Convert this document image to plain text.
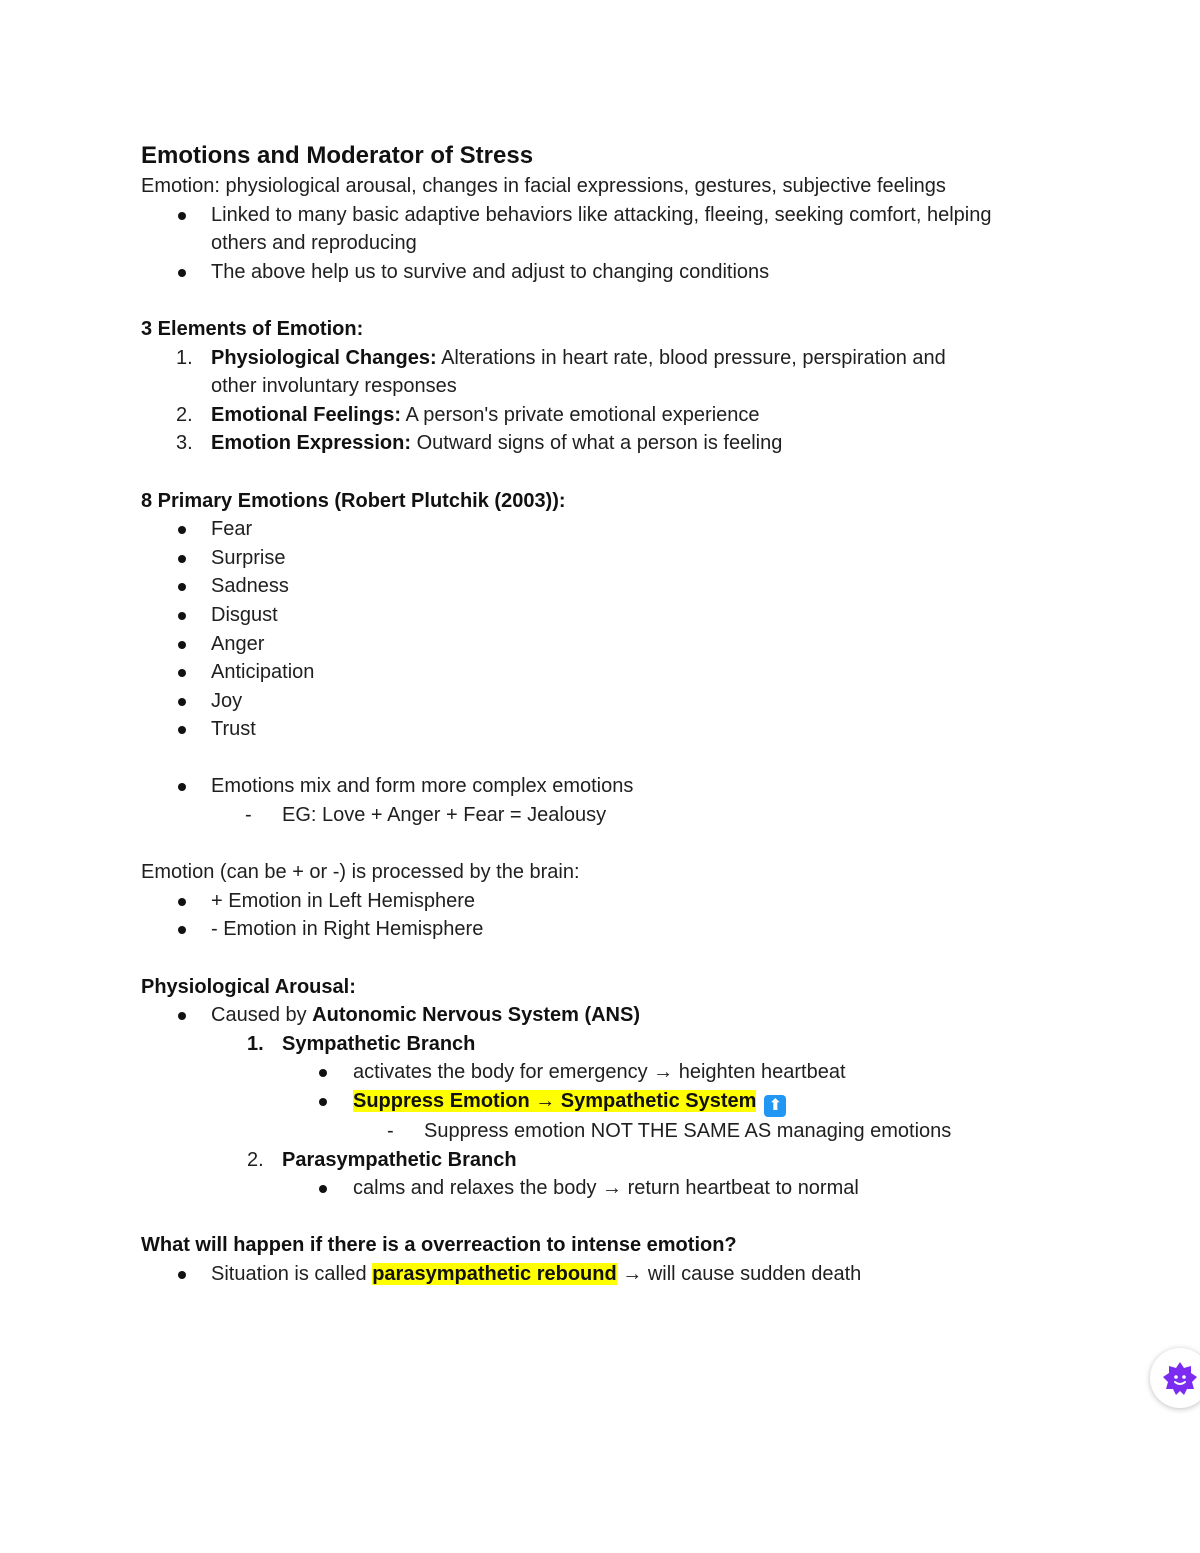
Emotions and Moderator of Stress

Emotion: physiological arousal, changes in facial expressions, gestures, subjective feelings

Linked to many basic adaptive behaviors like attacking, fleeing, seeking comfort, helping
others and reproducing
The above help us to survive and adjust to changing conditions

3 Elements of Emotion:

1. Physiological Changes: Alterations in heart rate, blood pressure, perspiration and
other involuntary responses
2. Emotional Feelings: A person's private emotional experience
3. Emotion Expression: Outward signs of what a person is feeling

8 Primary Emotions (Robert Plutchik (2003)):

Fear
Surprise
Sadness
Disgust
Anger
Anticipation
Joy
Trust
Emotions mix and form more complex emotions
- EG: Love + Anger + Fear = Jealousy

Emotion (can be + or -) is processed by the brain:

+ Emotion in Left Hemisphere
- Emotion in Right Hemisphere

Physiological Arousal:

Caused by Autonomic Nervous System (ANS)
1. Sympathetic Branch
activates the body for emergency → heighten heartbeat
Suppress Emotion → Sympathetic System ⬆
- Suppress emotion NOT THE SAME AS managing emotions
2. Parasympathetic Branch
calms and relaxes the body → return heartbeat to normal

What will happen if there is a overreaction to intense emotion?

Situation is called parasympathetic rebound → will cause sudden death
